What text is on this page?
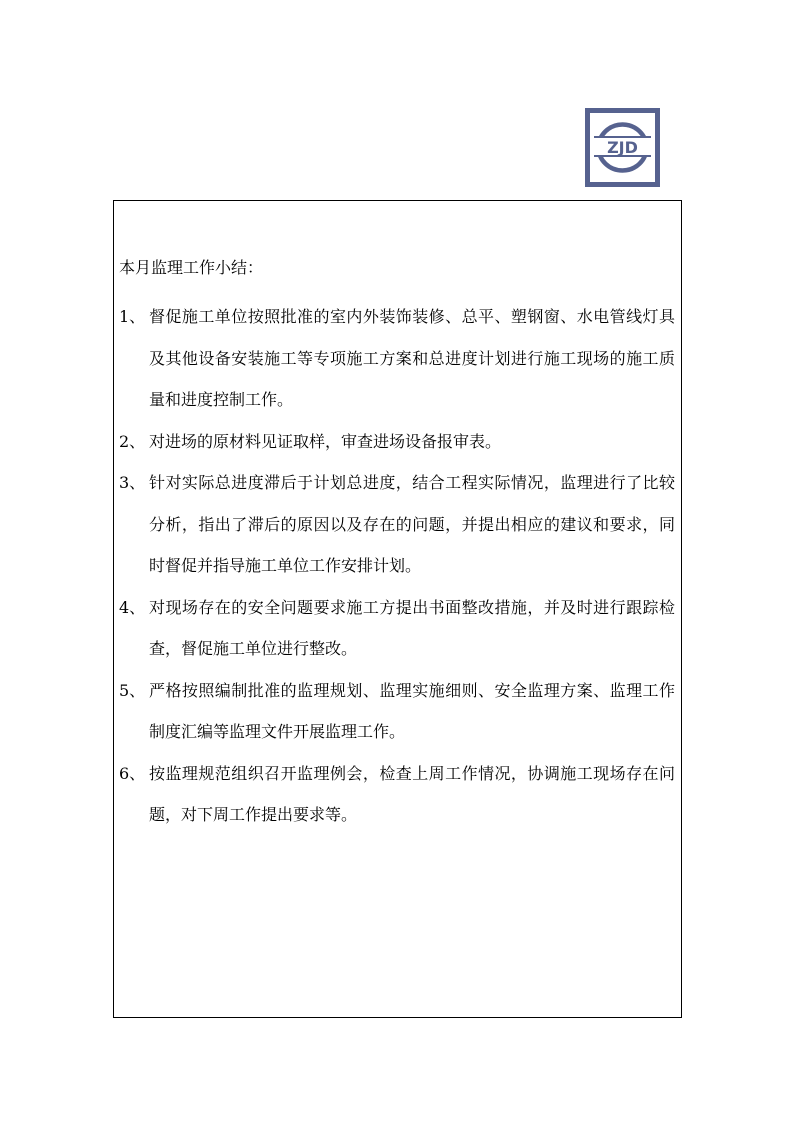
ZJD
本月监理工作小结：
1、 督促施工单位按照批准的室内外装饰装修、总平、塑钢窗、水电管线灯具及其他设备安装施工等专项施工方案和总进度计划进行施工现场的施工质量和进度控制工作。
2、 对进场的原材料见证取样，审查进场设备报审表。
3、 针对实际总进度滞后于计划总进度，结合工程实际情况，监理进行了比较分析，指出了滞后的原因以及存在的问题，并提出相应的建议和要求，同时督促并指导施工单位工作安排计划。
4、 对现场存在的安全问题要求施工方提出书面整改措施，并及时进行跟踪检查，督促施工单位进行整改。
5、 严格按照编制批准的监理规划、监理实施细则、安全监理方案、监理工作制度汇编等监理文件开展监理工作。
6、 按监理规范组织召开监理例会，检查上周工作情况，协调施工现场存在问题，对下周工作提出要求等。
